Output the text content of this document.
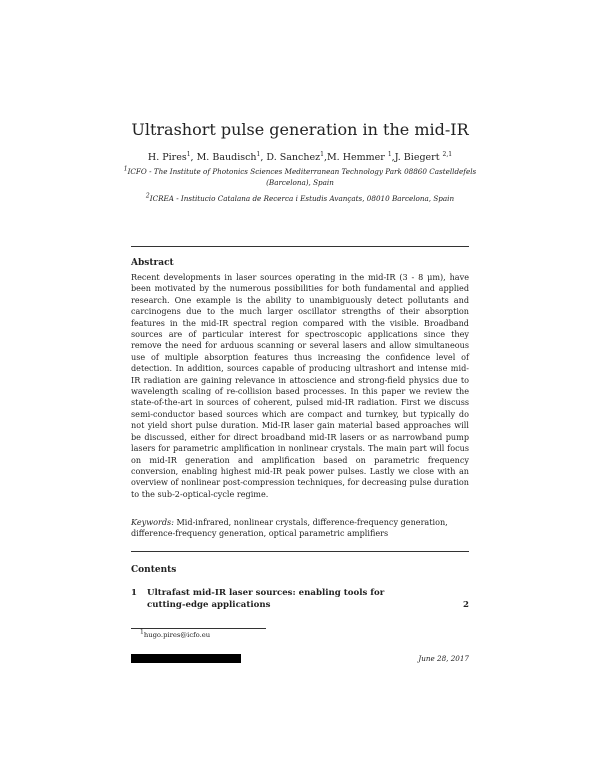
Ultrashort pulse generation in the mid-IR
H. Pires$^1$, M. Baudisch$^1$, D. Sanchez$^1$,M. Hemmer $^1$,J. Biegert $^{2,1}$
$^1$ICFO - The Institute of Photonics Sciences Mediterranean Technology Park 08860 Castelldefels (Barcelona), Spain
$^2$ICREA - Institucio Catalana de Recerca i Estudis Avançats, 08010 Barcelona, Spain
Abstract
Recent developments in laser sources operating in the mid-IR (3 - 8 μm), have been motivated by the numerous possibilities for both fundamental and applied research. One example is the ability to unambiguously detect pollutants and carcinogens due to the much larger oscillator strengths of their absorption features in the mid-IR spectral region compared with the visible. Broadband sources are of particular interest for spectroscopic applications since they remove the need for arduous scanning or several lasers and allow simultaneous use of multiple absorption features thus increasing the confidence level of detection. In addition, sources capable of producing ultrashort and intense mid-IR radiation are gaining relevance in attoscience and strong-field physics due to wavelength scaling of re-collision based processes. In this paper we review the state-of-the-art in sources of coherent, pulsed mid-IR radiation. First we discuss semi-conductor based sources which are compact and turnkey, but typically do not yield short pulse duration. Mid-IR laser gain material based approaches will be discussed, either for direct broadband mid-IR lasers or as narrowband pump lasers for parametric amplification in nonlinear crystals. The main part will focus on mid-IR generation and amplification based on parametric frequency conversion, enabling highest mid-IR peak power pulses. Lastly we close with an overview of nonlinear post-compression techniques, for decreasing pulse duration to the sub-2-optical-cycle regime.
Keywords: Mid-infrared, nonlinear crystals, difference-frequency generation, difference-frequency generation, optical parametric amplifiers
Contents
1 Ultrafast mid-IR laser sources: enabling tools for cutting-edge applications	2
$^1$hugo.pires@icfo.eu
June 28, 2017
